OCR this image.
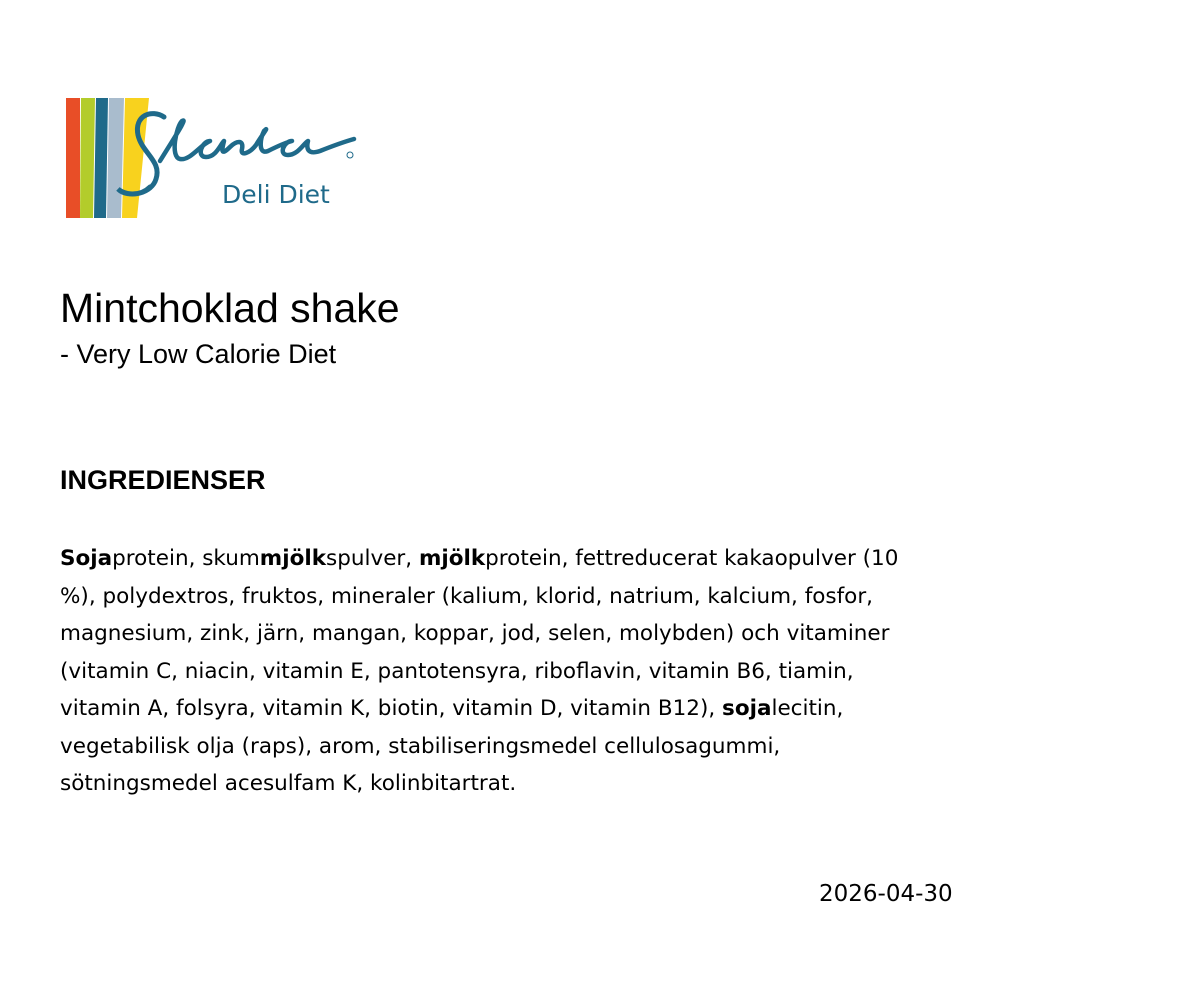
Deli Diet
Mintchoklad shake
- Very Low Calorie Diet
INGREDIENSER
Sojaprotein, skummjölkspulver, mjölkprotein, fettreducerat kakaopulver (10
%), polydextros, fruktos, mineraler (kalium, klorid, natrium, kalcium, fosfor,
magnesium, zink, järn, mangan, koppar, jod, selen, molybden) och vitaminer
(vitamin C, niacin, vitamin E, pantotensyra, riboflavin, vitamin B6, tiamin,
vitamin A, folsyra, vitamin K, biotin, vitamin D, vitamin B12), sojalecitin,
vegetabilisk olja (raps), arom, stabiliseringsmedel cellulosagummi,
sötningsmedel acesulfam K, kolinbitartrat.
2026-04-30
